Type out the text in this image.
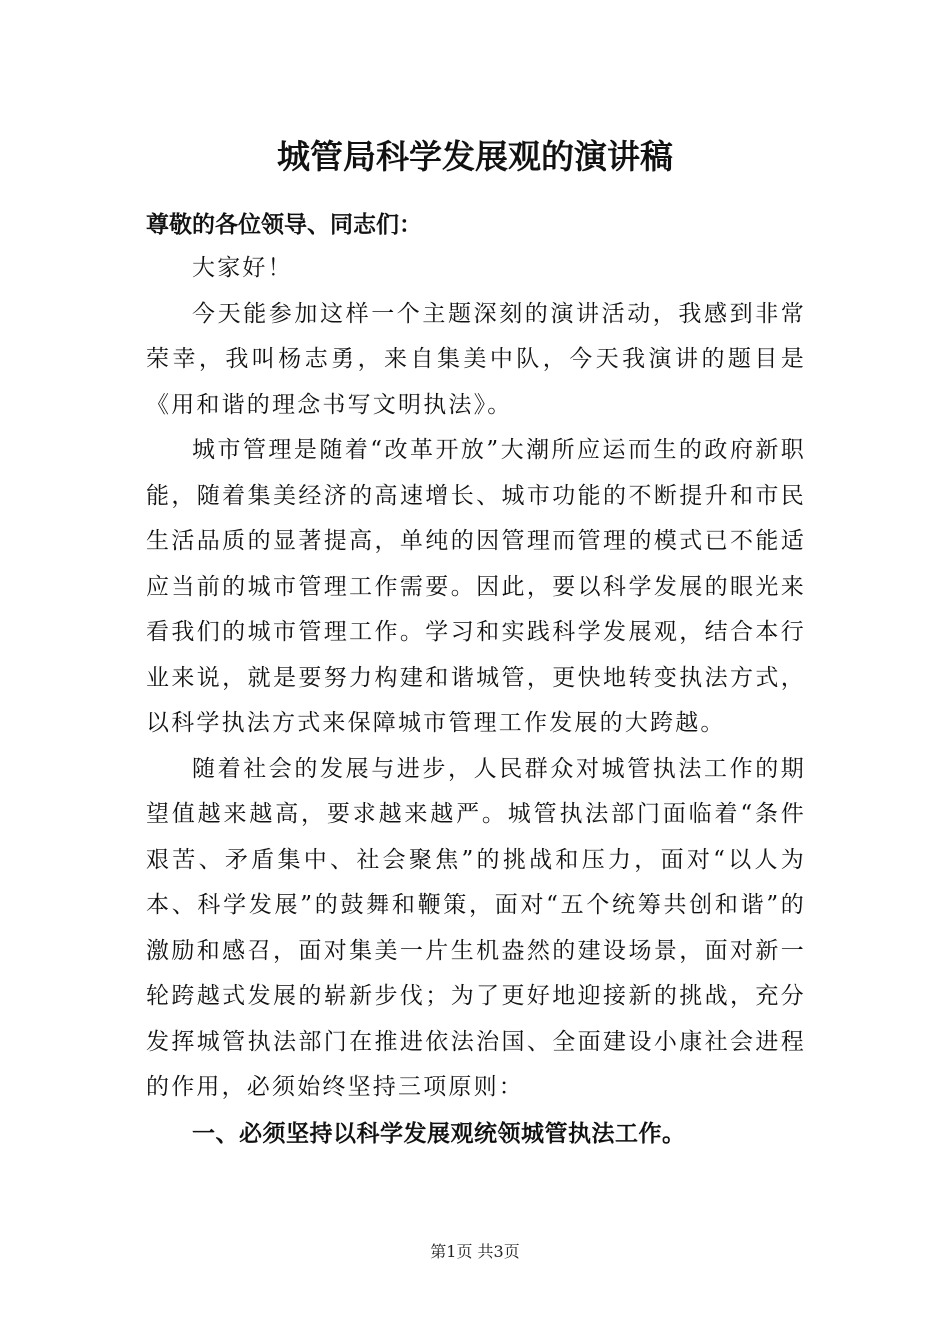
城管局科学发展观的演讲稿

尊敬的各位领导、同志们：

大家好！

今天能参加这样一个主题深刻的演讲活动，我感到非常荣幸，我叫杨志勇，来自集美中队，今天我演讲的题目是《用和谐的理念书写文明执法》。

城市管理是随着“改革开放”大潮所应运而生的政府新职能，随着集美经济的高速增长、城市功能的不断提升和市民生活品质的显著提高，单纯的因管理而管理的模式已不能适应当前的城市管理工作需要。因此，要以科学发展的眼光来看我们的城市管理工作。学习和实践科学发展观，结合本行业来说，就是要努力构建和谐城管，更快地转变执法方式，以科学执法方式来保障城市管理工作发展的大跨越。

随着社会的发展与进步，人民群众对城管执法工作的期望值越来越高，要求越来越严。城管执法部门面临着“条件艰苦、矛盾集中、社会聚焦”的挑战和压力，面对“以人为本、科学发展”的鼓舞和鞭策，面对“五个统筹共创和谐”的激励和感召，面对集美一片生机盎然的建设场景，面对新一轮跨越式发展的崭新步伐；为了更好地迎接新的挑战，充分发挥城管执法部门在推进依法治国、全面建设小康社会进程的作用，必须始终坚持三项原则：

一、必须坚持以科学发展观统领城管执法工作。

第1页 共3页
